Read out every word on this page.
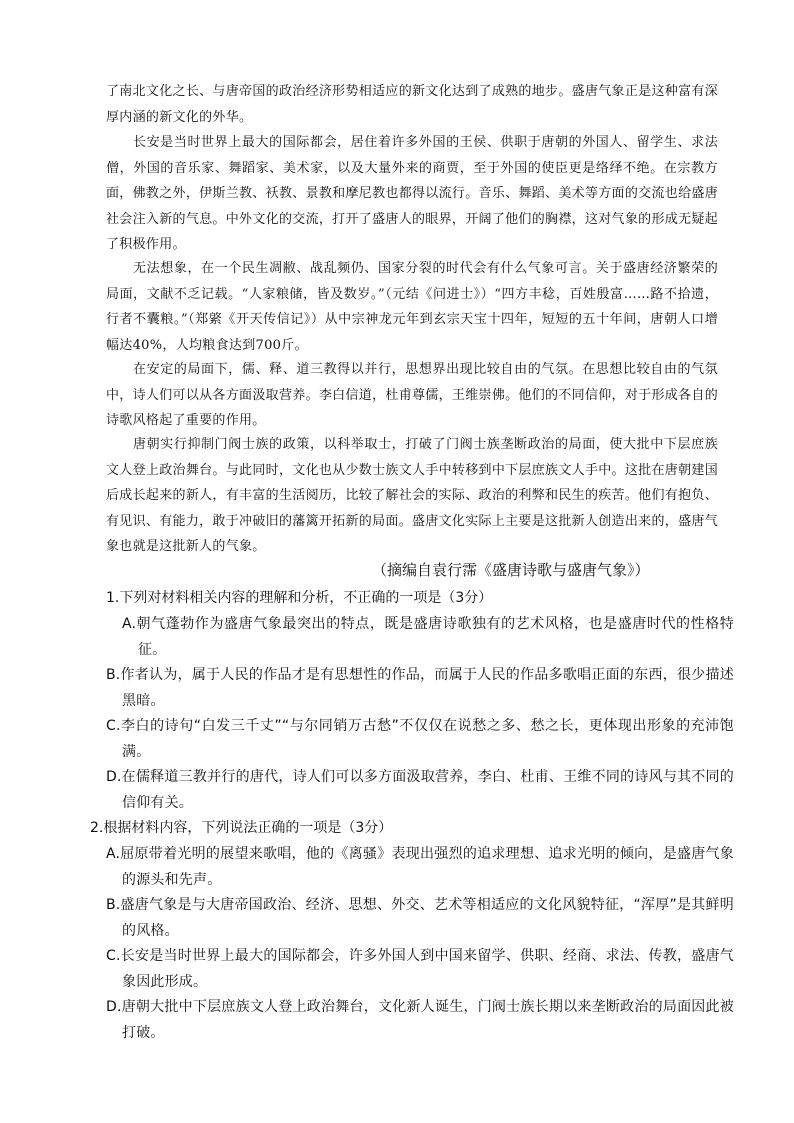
了南北文化之长、与唐帝国的政治经济形势相适应的新文化达到了成熟的地步。盛唐气象正是这种富有深厚内涵的新文化的外华。
长安是当时世界上最大的国际都会，居住着许多外国的王侯、供职于唐朝的外国人、留学生、求法僧，外国的音乐家、舞蹈家、美术家，以及大量外来的商贾，至于外国的使臣更是络绎不绝。在宗教方面，佛教之外，伊斯兰教、袄教、景教和摩尼教也都得以流行。音乐、舞蹈、美术等方面的交流也给盛唐社会注入新的气息。中外文化的交流，打开了盛唐人的眼界，开阔了他们的胸襟，这对气象的形成无疑起了积极作用。
无法想象，在一个民生凋敝、战乱频仍、国家分裂的时代会有什么气象可言。关于盛唐经济繁荣的局面，文献不乏记载。“人家粮储，皆及数岁。”（元结《问进士》）“四方丰稔，百姓殷富……路不拾遗，行者不囊粮。”（郑綮《开天传信记》）从中宗神龙元年到玄宗天宝十四年，短短的五十年间，唐朝人口增幅达40%，人均粮食达到700斤。
在安定的局面下，儒、释、道三教得以并行，思想界出现比较自由的气氛。在思想比较自由的气氛中，诗人们可以从各方面汲取营养。李白信道，杜甫尊儒，王维崇佛。他们的不同信仰，对于形成各自的诗歌风格起了重要的作用。
唐朝实行抑制门阀士族的政策，以科举取士，打破了门阀士族垄断政治的局面，使大批中下层庶族文人登上政治舞台。与此同时，文化也从少数士族文人手中转移到中下层庶族文人手中。这批在唐朝建国后成长起来的新人，有丰富的生活阅历，比较了解社会的实际、政治的利弊和民生的疾苦。他们有抱负、有见识、有能力，敢于冲破旧的藩篱开拓新的局面。盛唐文化实际上主要是这批新人创造出来的，盛唐气象也就是这批新人的气象。
（摘编自袁行霈《盛唐诗歌与盛唐气象》）
1.下列对材料相关内容的理解和分析，不正确的一项是（3分）
A.朝气蓬勃作为盛唐气象最突出的特点，既是盛唐诗歌独有的艺术风格，也是盛唐时代的性格特征。
B.作者认为，属于人民的作品才是有思想性的作品，而属于人民的作品多歌唱正面的东西，很少描述黑暗。
C.李白的诗句“白发三千丈”“与尔同销万古愁”不仅仅在说愁之多、愁之长，更体现出形象的充沛饱满。
D.在儒释道三教并行的唐代，诗人们可以多方面汲取营养，李白、杜甫、王维不同的诗风与其不同的信仰有关。
2.根据材料内容，下列说法正确的一项是（3分）
A.屈原带着光明的展望来歌唱，他的《离骚》表现出强烈的追求理想、追求光明的倾向，是盛唐气象的源头和先声。
B.盛唐气象是与大唐帝国政治、经济、思想、外交、艺术等相适应的文化风貌特征，“浑厚”是其鲜明的风格。
C.长安是当时世界上最大的国际都会，许多外国人到中国来留学、供职、经商、求法、传教，盛唐气象因此形成。
D.唐朝大批中下层庶族文人登上政治舞台，文化新人诞生，门阀士族长期以来垄断政治的局面因此被打破。
